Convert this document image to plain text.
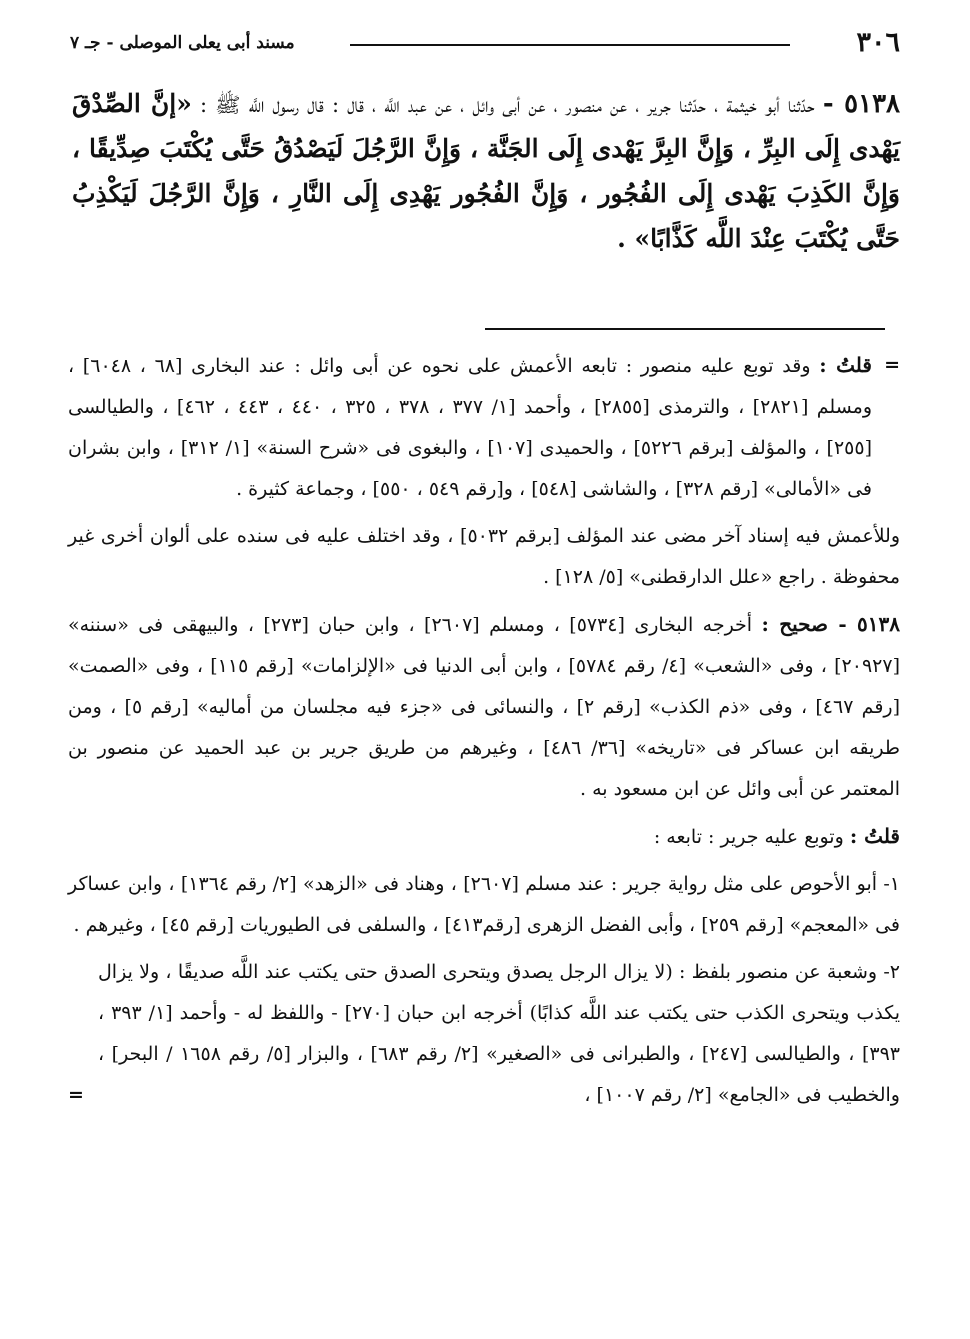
٣٠٦
مسند أبى يعلى الموصلى - جـ ٧
٥١٣٨ - حدّثنا أبو خيثمة ، حدّثنا جرير ، عن منصور ، عن أبى وائل ، عن عبد اللَّه ، قال : قال رسول اللَّه ﷺ : «إنَّ الصِّدْقَ يَهْدى إِلَى البِرِّ ، وَإِنَّ البِرَّ يَهْدى إِلَى الجَنَّة ، وَإِنَّ الرَّجُلَ لَيَصْدُقُ حَتَّى يُكْتَبَ صِدِّيقًا ، وَإِنَّ الكَذِبَ يَهْدى إِلَى الفُجُور ، وَإِنَّ الفُجُور يَهْدِى إِلَى النَّارِ ، وَإِنَّ الرَّجُلَ لَيَكْذِبُ حَتَّى يُكْتَبَ عِنْدَ اللَّه كَذَّابًا» .

=
قلتُ : وقد توبع عليه منصور : تابعه الأعمش على نحوه عن أبى وائل : عند البخارى [٦٨ ، ٦٠٤٨] ، ومسلم [٢٨٢١] ، والترمذى [٢٨٥٥] ، وأحمد [١/ ٣٧٧ ، ٣٧٨ ، ٣٢٥ ، ٤٤٠ ، ٤٤٣ ، ٤٦٢] ، والطيالسى [٢٥٥] ، والمؤلف [برقم ٥٢٢٦] ، والحميدى [١٠٧] ، والبغوى فى «شرح السنة» [١/ ٣١٢] ، وابن بشران فى «الأمالى» [رقم ٣٢٨] ، والشاشى [٥٤٨] ، و[رقم ٥٤٩ ، ٥٥٠] ، وجماعة كثيرة .

وللأعمش فيه إسناد آخر مضى عند المؤلف [برقم ٥٠٣٢] ، وقد اختلف عليه فى سنده على ألوان أخرى غير محفوظة . راجع «علل الدارقطنى» [٥/ ١٢٨] .

٥١٣٨ - صحيح : أخرجه البخارى [٥٧٣٤] ، ومسلم [٢٦٠٧] ، وابن حبان [٢٧٣] ، والبيهقى فى «سننه» [٢٠٩٢٧] ، وفى «الشعب» [٤/ رقم ٥٧٨٤] ، وابن أبى الدنيا فى «الإلزامات» [رقم ١١٥] ، وفى «الصمت» [رقم ٤٦٧] ، وفى «ذم الكذب» [رقم ٢] ، والنسائى فى «جزء فيه مجلسان من أماليه» [رقم ٥] ، ومن طريقه ابن عساكر فى «تاريخه» [٣٦/ ٤٨٦] ، وغيرهم من طريق جرير بن عبد الحميد عن منصور بن المعتمر عن أبى وائل عن ابن مسعود به .

قلتُ : وتوبع عليه جرير : تابعه :

١- أبو الأحوص على مثل رواية جرير : عند مسلم [٢٦٠٧] ، وهناد فى «الزهد» [٢/ رقم ١٣٦٤] ، وابن عساكر فى «المعجم» [رقم ٢٥٩] ، وأبى الفضل الزهرى [رقم٤١٣] ، والسلفى فى الطيوريات [رقم ٤٥] ، وغيرهم .

٢- وشعبة عن منصور بلفظ : (لا يزال الرجل يصدق ويتحرى الصدق حتى يكتب عند اللَّه صديقًا ، ولا يزال يكذب ويتحرى الكذب حتى يكتب عند اللَّه كذابًا) أخرجه ابن حبان [٢٧٠] - واللفظ له - وأحمد [١/ ٣٩٣ ، ٣٩٣] ، والطيالسى [٢٤٧] ، والطبرانى فى «الصغير» [٢/ رقم ٦٨٣] ، والبزار [٥/ رقم ١٦٥٨ / البحر] ، والخطيب فى «الجامع» [٢/ رقم ١٠٠٧] ،
=
